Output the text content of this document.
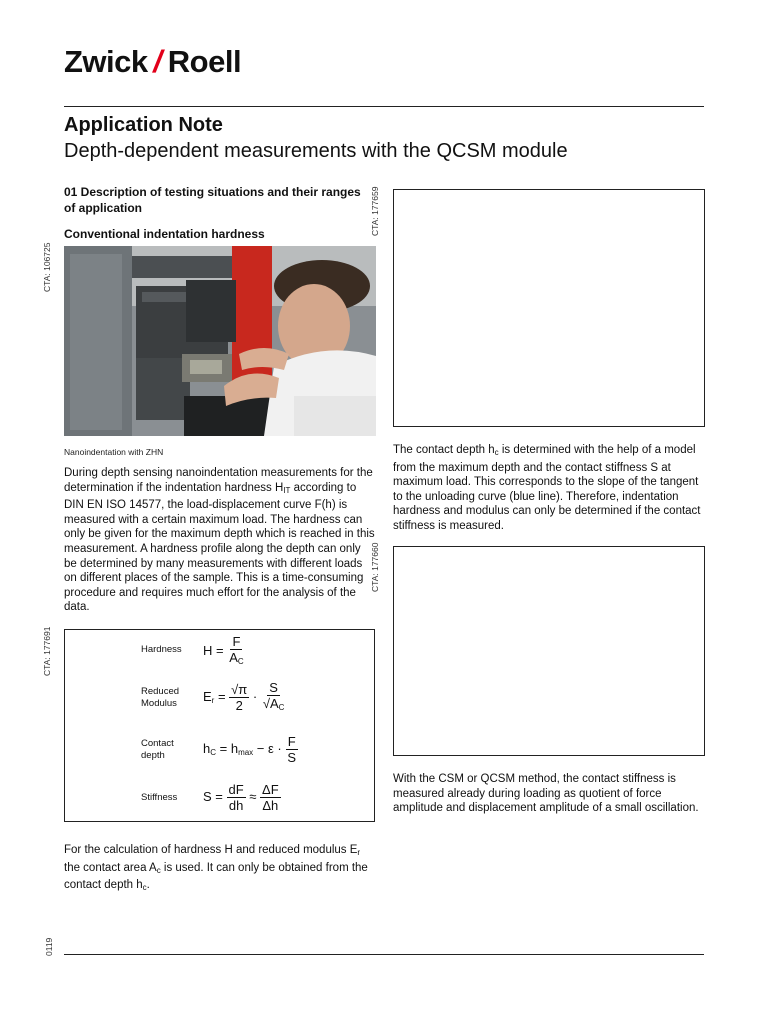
Zwick/Roell
Application Note
Depth-dependent measurements with the QCSM module
01 Description of testing situations and their ranges of application
Conventional indentation hardness
CTA: 106725
Nanoindentation with ZHN
During depth sensing nanoindentation measurements for the determination if the indentation hardness $H_{IT}$ according to DIN EN ISO 14577, the load-displacement curve F(h) is measured with a certain maximum load. The hardness can only be given for the maximum depth which is reached in this measurement. A hardness profile along the depth can only be determined by many measurements with different loads on different places of the sample. This is a time-consuming procedure and requires much effort for the analysis of the data.
CTA: 177691	Hardness $H = \frac{F}{A_C}$
Reduced
Modulus $E_r = \frac{√\pi}{2} \cdot \frac{S}{√A_C}$
Contact
depth	$h_C = h_{max} - \varepsilon \cdot \frac{F}{S}$
Stiffness $S = \frac{dF}{dh} \approx \frac{\Delta F}{\Delta h}$
For the calculation of hardness H and reduced modulus $E_r$ the contact area $A_c$ is used. It can only be obtained from the contact depth $h_c$.
CTA: 177659
The contact depth $h_c$ is determined with the help of a model from the maximum depth and the contact stiffness S at maximum load. This corresponds to the slope of the tangent to the unloading curve (blue line). Therefore, indentation hardness and modulus can only be determined if the contact stiffness is measured.
CTA: 177660
With the CSM or QCSM method, the contact stiffness is measured already during loading as quotient of force amplitude and displacement amplitude of a small oscillation.
0119
